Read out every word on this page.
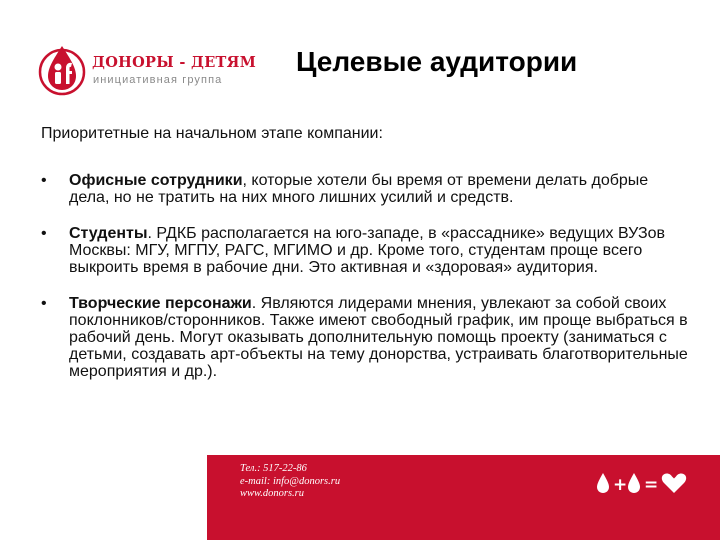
ДОНОРЫ - ДЕТЯМ
инициативная группа
Целевые аудитории
Приоритетные на начальном этапе компании:
• Офисные сотрудники, которые хотели бы время от времени делать добрые дела, но не тратить на них много лишних усилий и средств.
• Студенты. РДКБ располагается на юго-западе, в «рассаднике» ведущих ВУЗов Москвы: МГУ, МГПУ, РАГС, МГИМО и др. Кроме того, студентам проще всего выкроить время в рабочие дни. Это активная и «здоровая» аудитория.
• Творческие персонажи. Являются лидерами мнения, увлекают за собой своих поклонников/сторонников. Также имеют свободный график, им проще выбраться в рабочий день. Могут оказывать дополнительную помощь проекту (заниматься с детьми, создавать арт-объекты на тему донорства, устраивать благотворительные мероприятия и др.).
Тел.: 517-22-86
e-mail: info@donors.ru
www.donors.ru	+ =
